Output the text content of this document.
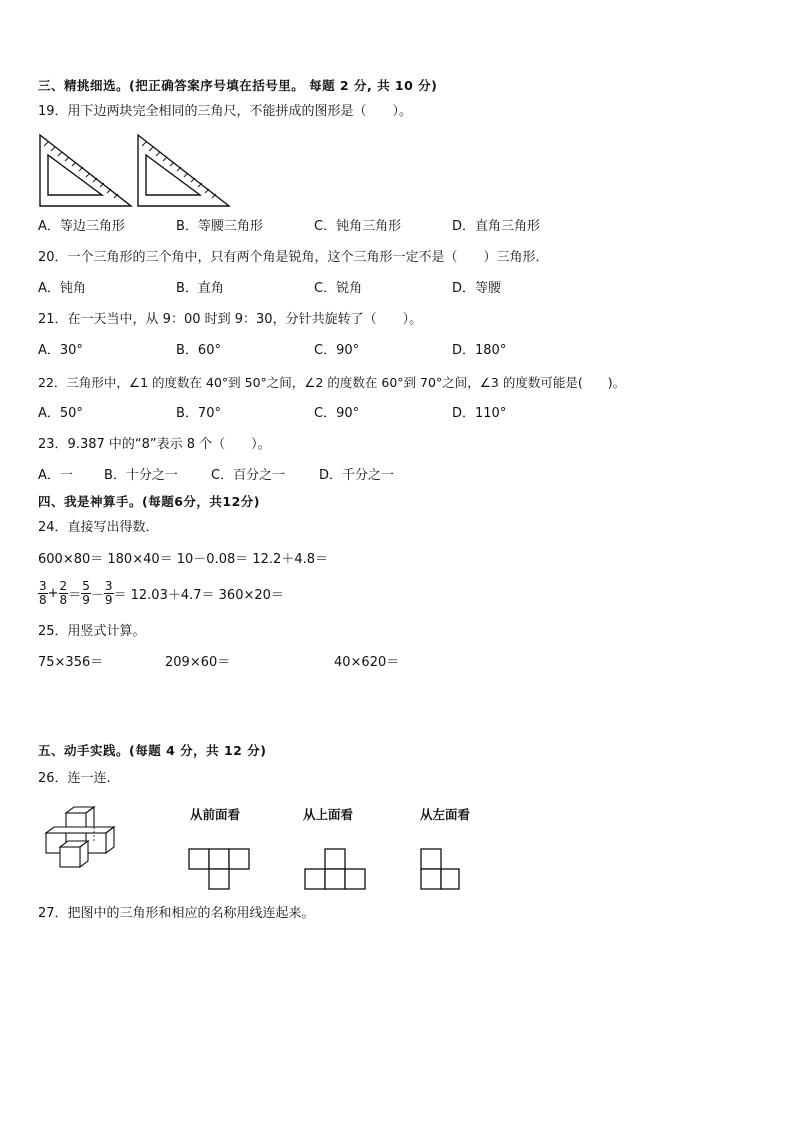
三、精挑细选。(把正确答案序号填在括号里。 每题 2 分, 共 10 分)
19．用下边两块完全相同的三角尺，不能拼成的图形是（　　）。
A．等边三角形	B．等腰三角形	C．钝角三角形	D．直角三角形
20．一个三角形的三个角中，只有两个角是锐角，这个三角形一定不是（　　）三角形．
A．钝角	B．直角	C．锐角	D．等腰
21．在一天当中，从 9：00 时到 9：30，分针共旋转了（　　）。
A．30°	B．60°	C．90°	D．180°
22．三角形中，∠1 的度数在 40°到 50°之间，∠2 的度数在 60°到 70°之间，∠3 的度数可能是(　　)。
A．50°	B．70°	C．90°	D．110°
23．9.387 中的“8”表示 8 个（　　）。
A．一 B．十分之一	C．百分之一	D．千分之一
四、我是神算手。(每题6分，共12分)
24．直接写出得数．
600×80＝ 180×40＝ 10－0.08＝ 12.2＋4.8＝
$\frac{3}{8} + \frac{2}{8} = \frac{5}{9} - \frac{3}{9} = 12.03+4.7= 360\times 20=$
25．用竖式计算。
75×356＝	209×60＝	40×620＝
五、动手实践。(每题 4 分，共 12 分)
26．连一连.
从前面看	从上面看	从左面看
27．把图中的三角形和相应的名称用线连起来。
